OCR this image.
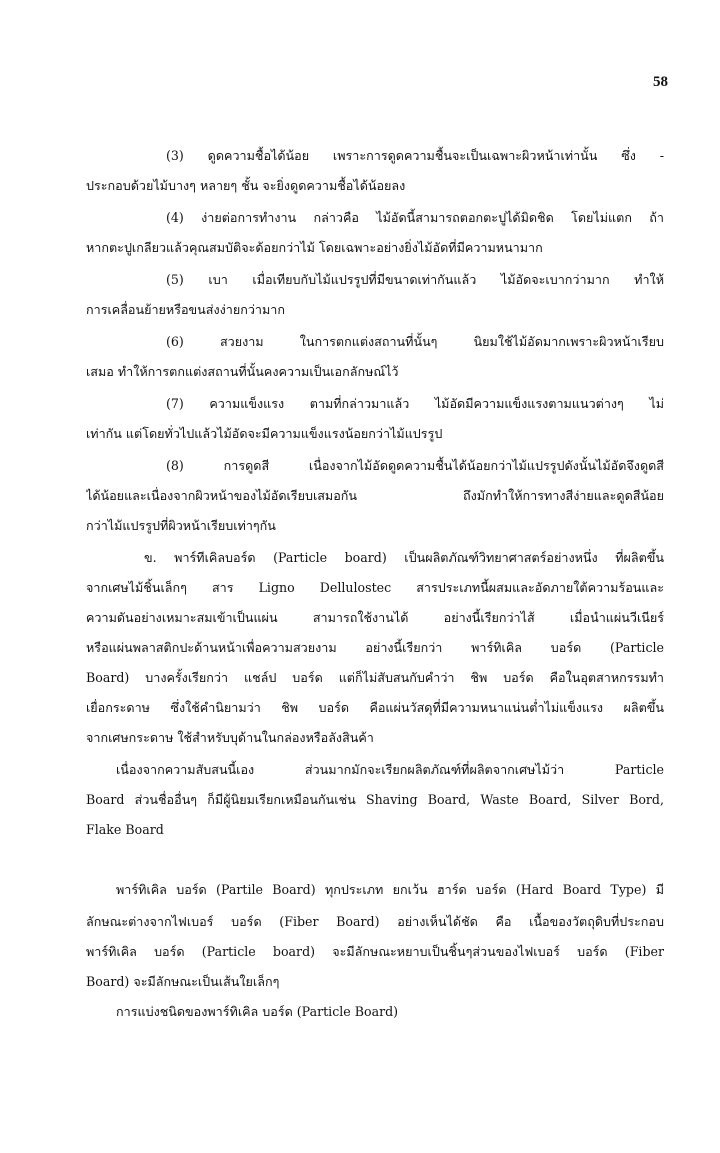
58
(3) ดูดความชื้อได้น้อย เพราะการดูดความชื้นจะเป็นเฉพาะผิวหน้าเท่านั้น ซึ่ง -
ประกอบด้วยไม้บางๆ หลายๆ ชั้น จะยิ่งดูดความชื้อได้น้อยลง
(4) ง่ายต่อการทำงาน กล่าวคือ ไม้อัดนี้สามารถตอกตะปูได้มิดชิด โดยไม่แตก ถ้า
หากตะปูเกลียวแล้วคุณสมบัติจะด้อยกว่าไม้ โดยเฉพาะอย่างยิ่งไม้อัดที่มีความหนามาก
(5) เบา เมื่อเทียบกับไม้แปรรูปที่มีขนาดเท่ากันแล้ว ไม้อัดจะเบากว่ามาก ทำให้
การเคลื่อนย้ายหรือขนส่งง่ายกว่ามาก
(6) สวยงาม ในการตกแต่งสถานที่นั้นๆ นิยมใช้ไม้อัดมากเพราะผิวหน้าเรียบ
เสมอ ทำให้การตกแต่งสถานที่นั้นคงความเป็นเอกลักษณ์ไว้
(7) ความแข็งแรง ตามที่กล่าวมาแล้ว ไม้อัดมีความแข็งแรงตามแนวต่างๆ ไม่
เท่ากัน แต่โดยทั่วไปแล้วไม้อัดจะมีความแข็งแรงน้อยกว่าไม้แปรรูป
(8) การดูดสี เนื่องจากไม้อัดดูดความชื้นได้น้อยกว่าไม้แปรรูปดังนั้นไม้อัดจึงดูดสี
ได้น้อยและเนื่องจากผิวหน้าของไม้อัดเรียบเสมอกัน ถึงมักทำให้การทางสีง่ายและดูดสีน้อย
กว่าไม้แปรรูปที่ผิวหน้าเรียบเท่าๆกัน
ข. พาร์ทีเคิลบอร์ด (Particle board) เป็นผลิตภัณฑ์วิทยาศาสตร์อย่างหนึ่ง ที่ผลิตขึ้น
จากเศษไม้ชิ้นเล็กๆ สาร Ligno Dellulostec สารประเภทนี้ผสมและอัดภายใต้ความร้อนและ
ความดันอย่างเหมาะสมเข้าเป็นแผ่น สามารถใช้งานได้ อย่างนี้เรียกว่าไส้ เมื่อนำแผ่นวีเนียร์
หรือแผ่นพลาสติกปะด้านหน้าเพื่อความสวยงาม อย่างนี้เรียกว่า พาร์ทิเคิล บอร์ด (Particle
Board) บางครั้งเรียกว่า แชล์ป บอร์ด แต่ก็ไม่สับสนกับคำว่า ชิพ บอร์ด คือในอุตสาหกรรมทำ
เยื่อกระดาษ ซึ่งใช้คำนิยามว่า ชิพ บอร์ด คือแผ่นวัสดุที่มีความหนาแน่นต่ำไม่แข็งแรง ผลิตขึ้น
จากเศษกระดาษ ใช้สำหรับบุด้านในกล่องหรือลังสินค้า
เนื่องจากความสับสนนี้เอง ส่วนมากมักจะเรียกผลิตภัณฑ์ที่ผลิตจากเศษไม้ว่า Particle
Board ส่วนชื่ออื่นๆ ก็มีผู้นิยมเรียกเหมือนกันเช่น Shaving Board, Waste Board, Silver Bord,
Flake Board
พาร์ทิเคิล บอร์ด (Partile Board) ทุกประเภท ยกเว้น ฮาร์ด บอร์ด (Hard Board Type) มี
ลักษณะต่างจากไฟเบอร์ บอร์ด (Fiber Board) อย่างเห็นได้ชัด คือ เนื้อของวัตถุดิบที่ประกอบ
พาร์ทิเคิล บอร์ด (Particle board) จะมีลักษณะหยาบเป็นชิ้นๆส่วนของไฟเบอร์ บอร์ด (Fiber
Board) จะมีลักษณะเป็นเส้นใยเล็กๆ
การแบ่งชนิดของพาร์ทิเคิล บอร์ด (Particle Board)
